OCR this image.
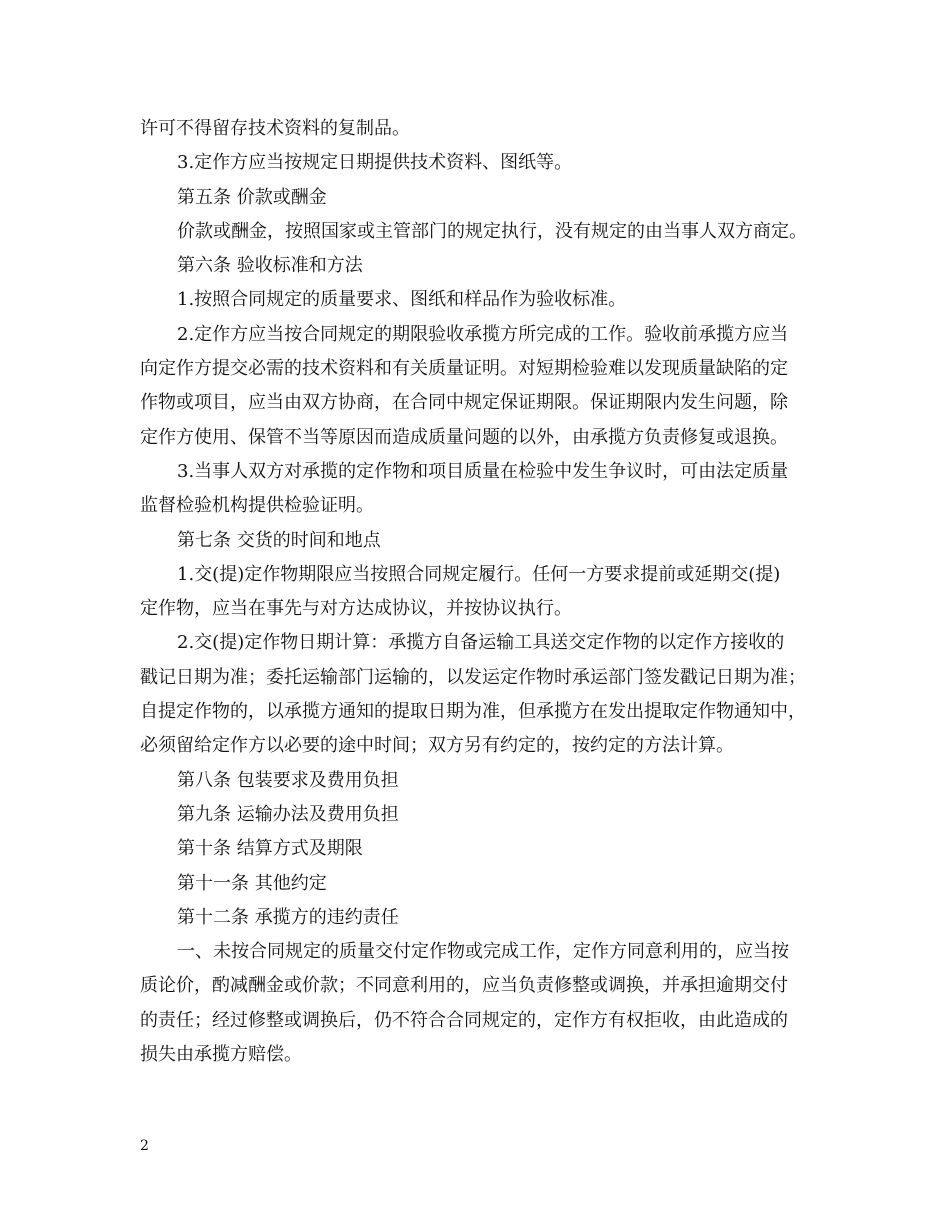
许可不得留存技术资料的复制品。
3.定作方应当按规定日期提供技术资料、图纸等。
第五条 价款或酬金
价款或酬金，按照国家或主管部门的规定执行，没有规定的由当事人双方商定。
第六条 验收标准和方法
1.按照合同规定的质量要求、图纸和样品作为验收标准。
2.定作方应当按合同规定的期限验收承揽方所完成的工作。验收前承揽方应当
向定作方提交必需的技术资料和有关质量证明。对短期检验难以发现质量缺陷的定
作物或项目，应当由双方协商，在合同中规定保证期限。保证期限内发生问题，除
定作方使用、保管不当等原因而造成质量问题的以外，由承揽方负责修复或退换。
3.当事人双方对承揽的定作物和项目质量在检验中发生争议时，可由法定质量
监督检验机构提供检验证明。
第七条 交货的时间和地点
1.交(提)定作物期限应当按照合同规定履行。任何一方要求提前或延期交(提)
定作物，应当在事先与对方达成协议，并按协议执行。
2.交(提)定作物日期计算：承揽方自备运输工具送交定作物的以定作方接收的
戳记日期为准；委托运输部门运输的，以发运定作物时承运部门签发戳记日期为准；
自提定作物的，以承揽方通知的提取日期为准，但承揽方在发出提取定作物通知中，
必须留给定作方以必要的途中时间；双方另有约定的，按约定的方法计算。
第八条 包装要求及费用负担
第九条 运输办法及费用负担
第十条 结算方式及期限
第十一条 其他约定
第十二条 承揽方的违约责任
一、未按合同规定的质量交付定作物或完成工作，定作方同意利用的，应当按
质论价，酌减酬金或价款；不同意利用的，应当负责修整或调换，并承担逾期交付
的责任；经过修整或调换后，仍不符合合同规定的，定作方有权拒收，由此造成的
损失由承揽方赔偿。
2
